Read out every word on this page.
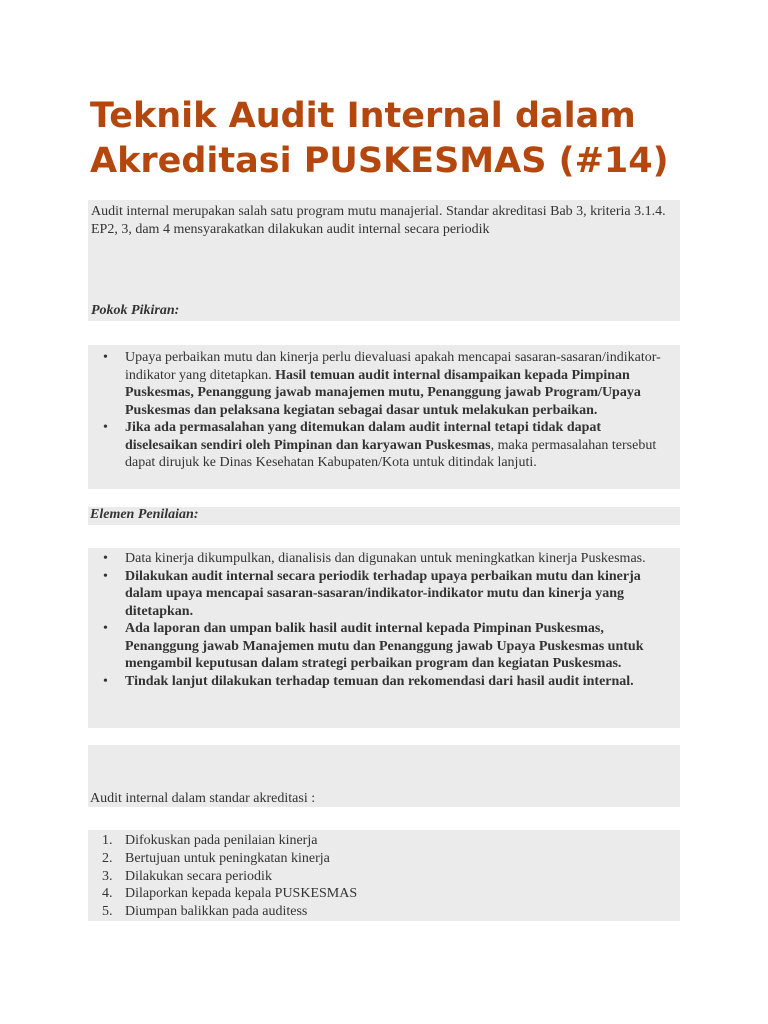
Teknik Audit Internal dalam Akreditasi PUSKESMAS (#14)
Audit internal merupakan salah satu program mutu manajerial. Standar akreditasi Bab 3, kriteria 3.1.4. EP2, 3, dam 4 mensyarakatkan dilakukan audit internal secara periodik
Pokok Pikiran:
• Upaya perbaikan mutu dan kinerja perlu dievaluasi apakah mencapai sasaran-sasaran/indikator-indikator yang ditetapkan. Hasil temuan audit internal disampaikan kepada Pimpinan Puskesmas, Penanggung jawab manajemen mutu, Penanggung jawab Program/Upaya Puskesmas dan pelaksana kegiatan sebagai dasar untuk melakukan perbaikan.
• Jika ada permasalahan yang ditemukan dalam audit internal tetapi tidak dapat diselesaikan sendiri oleh Pimpinan dan karyawan Puskesmas, maka permasalahan tersebut dapat dirujuk ke Dinas Kesehatan Kabupaten/Kota untuk ditindak lanjuti.
Elemen Penilaian:
• Data kinerja dikumpulkan, dianalisis dan digunakan untuk meningkatkan kinerja Puskesmas.
• Dilakukan audit internal secara periodik terhadap upaya perbaikan mutu dan kinerja dalam upaya mencapai sasaran-sasaran/indikator-indikator mutu dan kinerja yang ditetapkan.
• Ada laporan dan umpan balik hasil audit internal kepada Pimpinan Puskesmas, Penanggung jawab Manajemen mutu dan Penanggung jawab Upaya Puskesmas untuk mengambil keputusan dalam strategi perbaikan program dan kegiatan Puskesmas.
• Tindak lanjut dilakukan terhadap temuan dan rekomendasi dari hasil audit internal.
Audit internal dalam standar akreditasi :
1. Difokuskan pada penilaian kinerja
2. Bertujuan untuk peningkatan kinerja
3. Dilakukan secara periodik
4. Dilaporkan kepada kepala PUSKESMAS
5. Diumpan balikkan pada auditess
